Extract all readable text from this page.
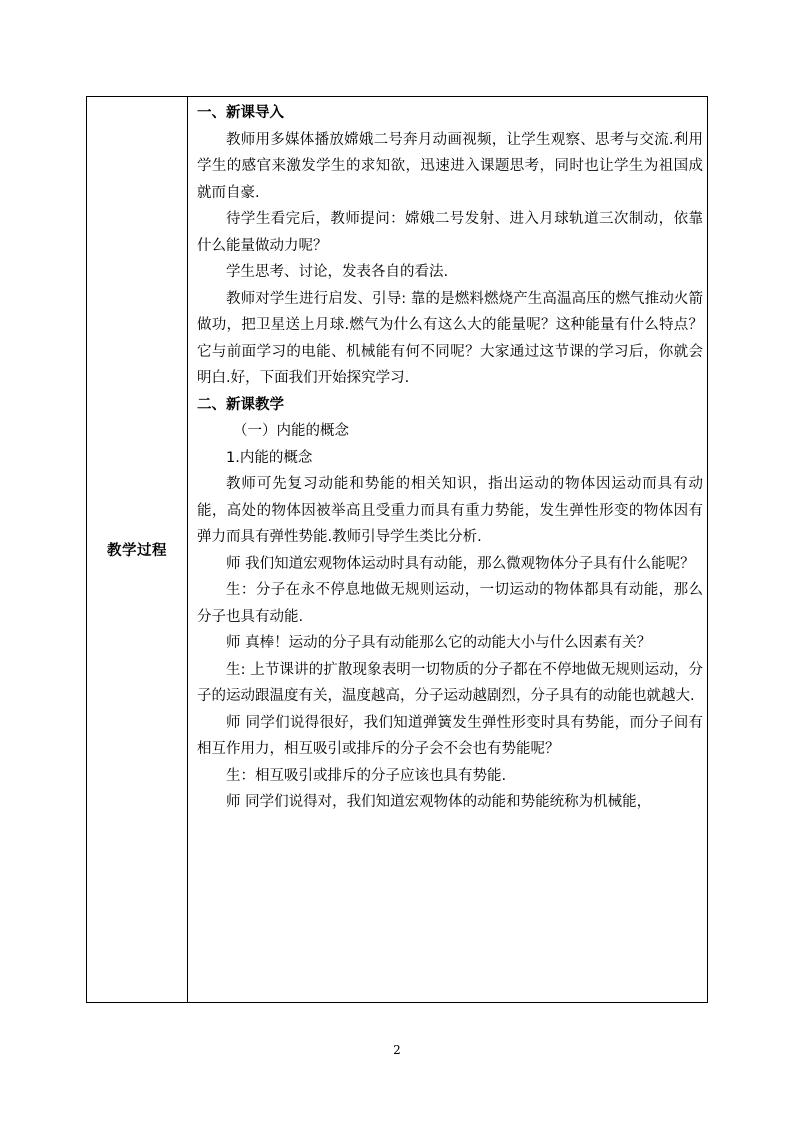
教学过程

一、新课导入

教师用多媒体播放嫦娥二号奔月动画视频，让学生观察、思考与交流.利用学生的感官来激发学生的求知欲，迅速进入课题思考，同时也让学生为祖国成就而自豪.

待学生看完后，教师提问：嫦娥二号发射、进入月球轨道三次制动，依靠什么能量做动力呢？

学生思考、讨论，发表各自的看法.

教师对学生进行启发、引导: 靠的是燃料燃烧产生高温高压的燃气推动火箭做功，把卫星送上月球.燃气为什么有这么大的能量呢？这种能量有什么特点？它与前面学习的电能、机械能有何不同呢？大家通过这节课的学习后，你就会明白.好，下面我们开始探究学习.

二、新课教学

（一）内能的概念

1.内能的概念

教师可先复习动能和势能的相关知识，指出运动的物体因运动而具有动能，高处的物体因被举高且受重力而具有重力势能，发生弹性形变的物体因有弹力而具有弹性势能.教师引导学生类比分析.

师 我们知道宏观物体运动时具有动能，那么微观物体分子具有什么能呢？

生：分子在永不停息地做无规则运动，一切运动的物体都具有动能，那么分子也具有动能.

师 真棒！运动的分子具有动能那么它的动能大小与什么因素有关？

生: 上节课讲的扩散现象表明一切物质的分子都在不停地做无规则运动，分子的运动跟温度有关，温度越高，分子运动越剧烈，分子具有的动能也就越大.

师 同学们说得很好，我们知道弹簧发生弹性形变时具有势能，而分子间有相互作用力，相互吸引或排斥的分子会不会也有势能呢？

生：相互吸引或排斥的分子应该也具有势能.

师 同学们说得对，我们知道宏观物体的动能和势能统称为机械能，

2
